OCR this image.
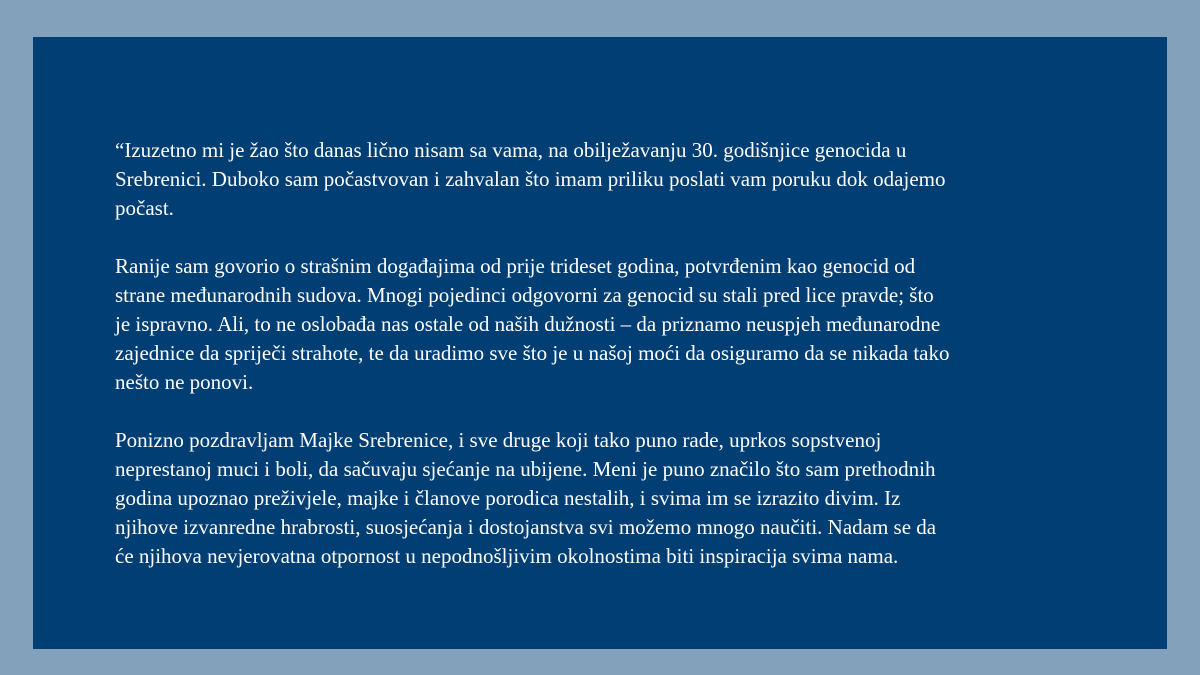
“Izuzetno mi je žao što danas lično nisam sa vama, na obilježavanju 30. godišnjice genocida u
Srebrenici. Duboko sam počastvovan i zahvalan što imam priliku poslati vam poruku dok odajemo
počast.

Ranije sam govorio o strašnim događajima od prije trideset godina, potvrđenim kao genocid od
strane međunarodnih sudova. Mnogi pojedinci odgovorni za genocid su stali pred lice pravde; što
je ispravno. Ali, to ne oslobađa nas ostale od naših dužnosti – da priznamo neuspjeh međunarodne
zajednice da spriječi strahote, te da uradimo sve što je u našoj moći da osiguramo da se nikada tako
nešto ne ponovi.

Ponizno pozdravljam Majke Srebrenice, i sve druge koji tako puno rade, uprkos sopstvenoj
neprestanoj muci i boli, da sačuvaju sjećanje na ubijene. Meni je puno značilo što sam prethodnih
godina upoznao preživjele, majke i članove porodica nestalih, i svima im se izrazito divim. Iz
njihove izvanredne hrabrosti, suosjećanja i dostojanstva svi možemo mnogo naučiti. Nadam se da
će njihova nevjerovatna otpornost u nepodnošljivim okolnostima biti inspiracija svima nama.
